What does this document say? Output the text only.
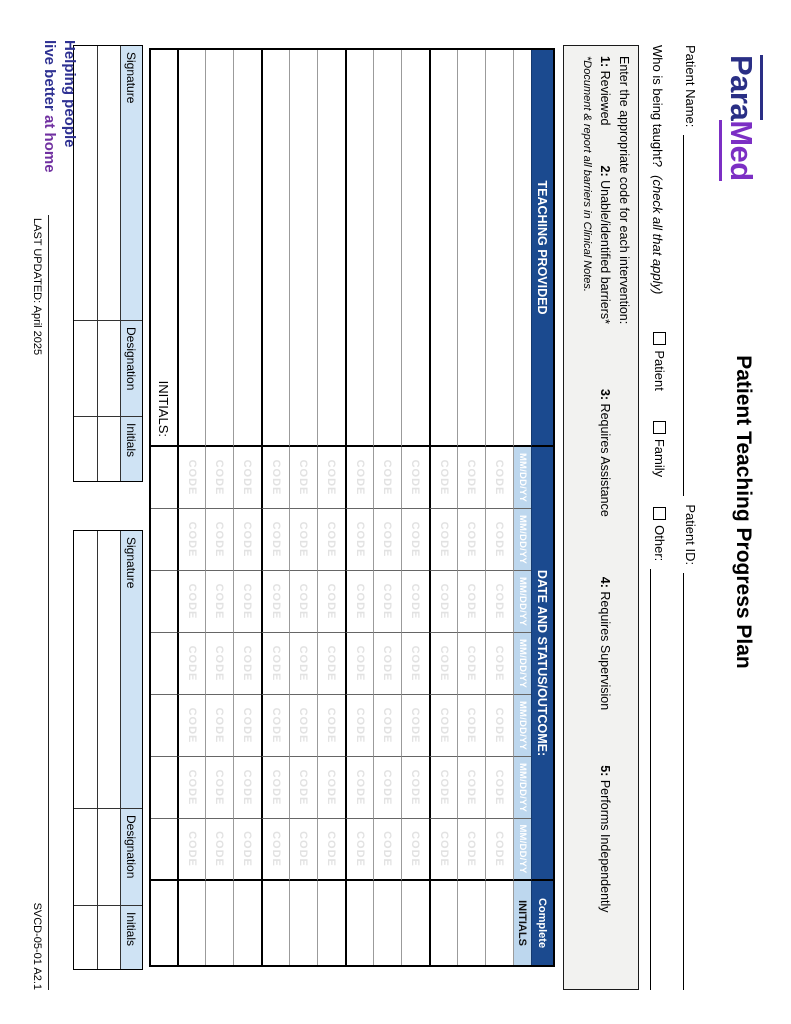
ParaMed
Patient Teaching Progress Plan
Patient Name:
Patient ID:
Who is being taught?
(check all that apply)
Patient
Family
Other:
Enter the appropriate code for each intervention:
1: Reviewed
2: Unable/identified barriers*
3: Requires Assistance
4: Requires Supervision
5: Performs Independently
*Document & report all barriers in Clinical Notes.
TEACHING PROVIDED
DATE AND STATUS/OUTCOME:
Complete
MM/DD/YY
MM/DD/YY
MM/DD/YY
MM/DD/YY
MM/DD/YY
MM/DD/YY
MM/DD/YY
INITIALS
CODE
CODE
CODE
CODE
CODE
CODE
CODE
CODE
CODE
CODE
CODE
CODE
CODE
CODE
CODE
CODE
CODE
CODE
CODE
CODE
CODE
CODE
CODE
CODE
CODE
CODE
CODE
CODE
CODE
CODE
CODE
CODE
CODE
CODE
CODE
CODE
CODE
CODE
CODE
CODE
CODE
CODE
CODE
CODE
CODE
CODE
CODE
CODE
CODE
CODE
CODE
CODE
CODE
CODE
CODE
CODE
CODE
CODE
CODE
CODE
CODE
CODE
CODE
CODE
CODE
CODE
CODE
CODE
CODE
CODE
CODE
CODE
CODE
CODE
CODE
CODE
CODE
CODE
CODE
CODE
CODE
CODE
CODE
CODE
INITIALS:
Signature
Designation
Initials
Signature
Designation
Initials
Helping people
live better at home
LAST UPDATED: April 2025
SVCD-05-01 A2.1
